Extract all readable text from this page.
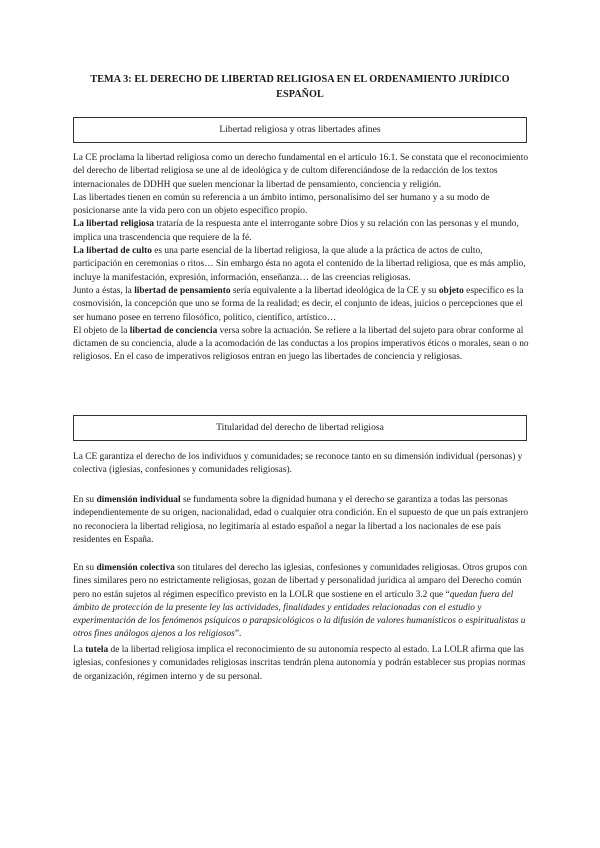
TEMA 3: EL DERECHO DE LIBERTAD RELIGIOSA EN EL ORDENAMIENTO JURÍDICO ESPAÑOL
Libertad religiosa y otras libertades afines

La CE proclama la libertad religiosa como un derecho fundamental en el artículo 16.1. Se constata que el reconocimiento del derecho de libertad religiosa se une al de ideológica y de cultom diferenciándose de la redacción de los textos internacionales de DDHH que suelen mencionar la libertad de pensamiento, conciencia y religión.

Las libertades tienen en común su referencia a un ámbito íntimo, personalísimo del ser humano y a su modo de posicionarse ante la vida pero con un objeto específico propio.

La libertad religiosa trataría de la respuesta ante el interrogante sobre Dios y su relación con las personas y el mundo, implica una trascendencia que requiere de la fé.

La libertad de culto es una parte esencial de la libertad religiosa, la que alude a la práctica de actos de culto, participación en ceremonias o ritos… Sin embargo ésta no agota el contenido de la libertad religiosa, que es más amplio, incluye la manifestación, expresión, información, enseñanza… de las creencias religiosas.

Junto a éstas, la libertad de pensamiento sería equivalente a la libertad ideológica de la CE y su objeto específico es la cosmovisión, la concepción que uno se forma de la realidad; es decir, el conjunto de ideas, juicios o percepciones que el ser humano posee en terreno filosófico, político, científico, artístico…

El objeto de la libertad de conciencia versa sobre la actuación. Se refiere a la libertad del sujeto para obrar conforme al dictamen de su conciencia, alude a la acomodación de las conductas a los propios imperativos éticos o morales, sean o no religiosos. En el caso de imperativos religiosos entran en juego las libertades de conciencia y religiosas.

Titularidad del derecho de libertad religiosa

La CE garantiza el derecho de los individuos y comunidades; se reconoce tanto en su dimensión individual (personas) y colectiva (iglesias, confesiones y comunidades religiosas).

En su dimensión individual se fundamenta sobre la dignidad humana y el derecho se garantiza a todas las personas independientemente de su origen, nacionalidad, edad o cualquier otra condición. En el supuesto de que un país extranjero no reconociera la libertad religiosa, no legitimaría al estado español a negar la libertad a los nacionales de ese país residentes en España.

En su dimensión colectiva son titulares del derecho las iglesias, confesiones y comunidades religiosas. Otros grupos con fines similares pero no estrictamente religiosas, gozan de libertad y personalidad jurídica al amparo del Derecho común pero no están sujetos al régimen específico previsto en la LOLR que sostiene en el artículo 3.2 que “quedan fuera del ámbito de protección de la presente ley las actividades, finalidades y entidades relacionadas con el estudio y experimentación de los fenómenos psíquicos o parapsicológicos o la difusión de valores humanísticos o espiritualistas u otros fines análogos ajenos a los religiosos”.

La tutela de la libertad religiosa implica el reconocimiento de su autonomía respecto al estado. La LOLR afirma que las iglesias, confesiones y comunidades religiosas inscritas tendrán plena autonomía y podrán establecer sus propias normas de organización, régimen interno y de su personal.
